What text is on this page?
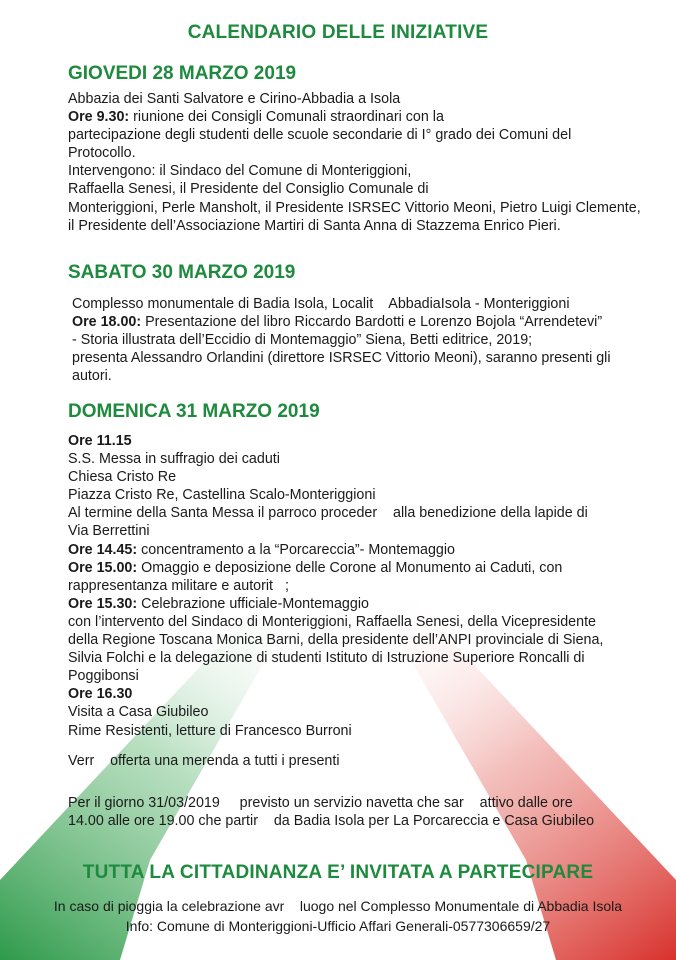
CALENDARIO DELLE INIZIATIVE
GIOVEDI 28 MARZO 2019
Abbazia dei Santi Salvatore e Cirino-Abbadia a Isola
Ore 9.30: riunione dei Consigli Comunali straordinari con la
partecipazione degli studenti delle scuole secondarie di I° grado dei Comuni del
Protocollo.
Intervengono: il Sindaco del Comune di Monteriggioni,
Raffaella Senesi, il Presidente del Consiglio Comunale di
Monteriggioni, Perle Mansholt, il Presidente ISRSEC Vittorio Meoni, Pietro Luigi Clemente,
il Presidente dell’Associazione Martiri di Santa Anna di Stazzema Enrico Pieri.
SABATO 30 MARZO 2019
Complesso monumentale di Badia Isola, Localit    AbbadiaIsola - Monteriggioni
Ore 18.00: Presentazione del libro Riccardo Bardotti e Lorenzo Bojola “Arrendetevi”
- Storia illustrata dell’Eccidio di Montemaggio” Siena, Betti editrice, 2019;
presenta Alessandro Orlandini (direttore ISRSEC Vittorio Meoni), saranno presenti gli
autori.
DOMENICA 31 MARZO 2019
Ore 11.15
S.S. Messa in suffragio dei caduti
Chiesa Cristo Re
Piazza Cristo Re, Castellina Scalo-Monteriggioni
Al termine della Santa Messa il parroco proceder    alla benedizione della lapide di
Via Berrettini
Ore 14.45: concentramento a la “Porcareccia”- Montemaggio
Ore 15.00: Omaggio e deposizione delle Corone al Monumento ai Caduti, con
rappresentanza militare e autorit   ;
Ore 15.30: Celebrazione ufficiale-Montemaggio
con l’intervento del Sindaco di Monteriggioni, Raffaella Senesi, della Vicepresidente
della Regione Toscana Monica Barni, della presidente dell’ANPI provinciale di Siena,
Silvia Folchi e la delegazione di studenti Istituto di Istruzione Superiore Roncalli di
Poggibonsi
Ore 16.30
Visita a Casa Giubileo
Rime Resistenti, letture di Francesco Burroni
Verr    offerta una merenda a tutti i presenti
Per il giorno 31/03/2019     previsto un servizio navetta che sar    attivo dalle ore
14.00 alle ore 19.00 che partir    da Badia Isola per La Porcareccia e Casa Giubileo
TUTTA LA CITTADINANZA E’ INVITATA A PARTECIPARE
In caso di pioggia la celebrazione avr    luogo nel Complesso Monumentale di Abbadia Isola
Info: Comune di Monteriggioni-Ufficio Affari Generali-0577306659/27
